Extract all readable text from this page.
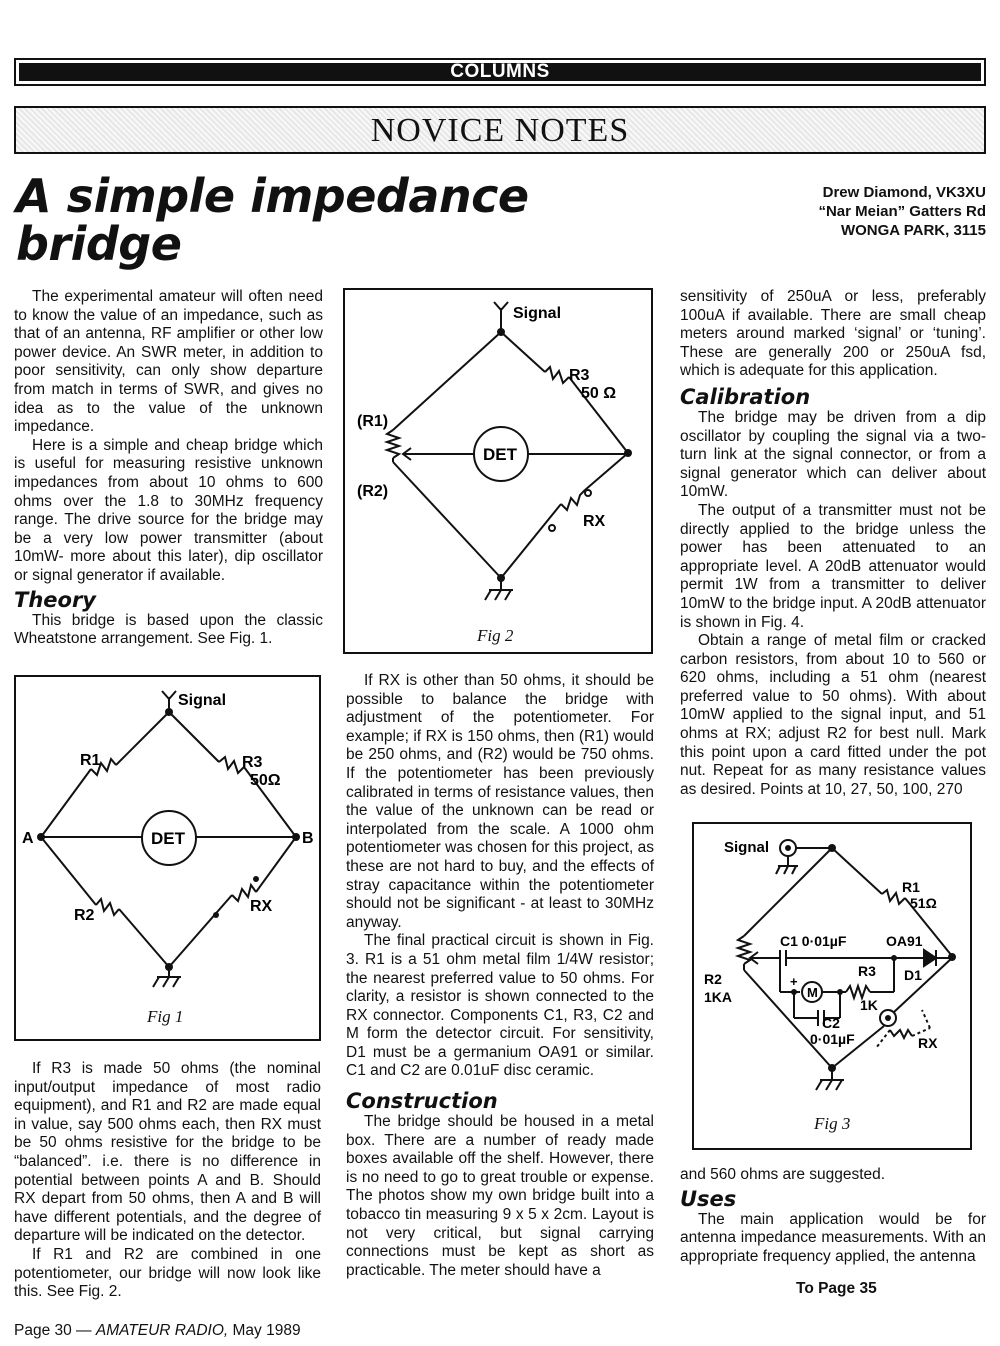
COLUMNS
NOVICE NOTES
A simple impedance
bridge
Drew Diamond, VK3XU
“Nar Meian” Gatters Rd
WONGA PARK, 3115

The experimental amateur will often need to know the value of an impedance, such as that of an antenna, RF amplifier or other low power device. An SWR meter, in addition to poor sensitivity, can only show departure from match in terms of SWR, and gives no idea as to the value of the unknown impedance.

Here is a simple and cheap bridge which is useful for measuring resistive unknown impedances from about 10 ohms to 600 ohms over the 1.8 to 30MHz frequency range. The drive source for the bridge may be a very low power transmitter (about 10mW- more about this later), dip oscillator or signal generator if available.

Theory

This bridge is based upon the classic Wheatstone arrangement. See Fig. 1.

Signal
R1	R3
50Ω
R2
RX
DET
A	B
Fig 1

If R3 is made 50 ohms (the nominal input/output impedance of most radio equipment), and R1 and R2 are made equal in value, say 500 ohms each, then RX must be 50 ohms resistive for the bridge to be “balanced”. i.e. there is no difference in potential between points A and B. Should RX depart from 50 ohms, then A and B will have different potentials, and the degree of departure will be indicated on the detector.

If R1 and R2 are combined in one potentiometer, our bridge will now look like this. See Fig. 2.

Signal
R3
50 Ω
(R1)
(R2)
RX
DET
Fig 2

If RX is other than 50 ohms, it should be possible to balance the bridge with adjustment of the potentiometer. For example; if RX is 150 ohms, then (R1) would be 250 ohms, and (R2) would be 750 ohms. If the potentiometer has been previously calibrated in terms of resistance values, then the value of the unknown can be read or interpolated from the scale. A 1000 ohm potentiometer was chosen for this project, as these are not hard to buy, and the effects of stray capacitance within the potentiometer should not be significant - at least to 30MHz anyway.

The final practical circuit is shown in Fig. 3. R1 is a 51 ohm metal film 1/4W resistor; the nearest preferred value to 50 ohms. For clarity, a resistor is shown connected to the RX connector. Components C1, R3, C2 and M form the detector circuit. For sensitivity, D1 must be a germanium OA91 or similar. C1 and C2 are 0.01uF disc ceramic.

Construction

The bridge should be housed in a metal box. There are a number of ready made boxes available off the shelf. However, there is no need to go to great trouble or expense. The photos show my own bridge built into a tobacco tin measuring 9 x 5 x 2cm. Layout is not very critical, but signal carrying connections must be kept as short as practicable. The meter should have a

sensitivity of 250uA or less, preferably 100uA if available. There are small cheap meters around marked ‘signal’ or ‘tuning’. These are generally 200 or 250uA fsd, which is adequate for this application.

Calibration

The bridge may be driven from a dip oscillator by coupling the signal via a two-turn link at the signal connector, or from a signal generator which can deliver about 10mW.

The output of a transmitter must not be directly applied to the bridge unless the power has been attenuated to an appropriate level. A 20dB attenuator would permit 1W from a transmitter to deliver 10mW to the bridge input. A 20dB attenuator is shown in Fig. 4.

Obtain a range of metal film or cracked carbon resistors, from about 10 to 560 or 620 ohms, including a 51 ohm (nearest preferred value to 50 ohms). With about 10mW applied to the signal input, and 51 ohms at RX; adjust R2 for best null. Mark this point upon a card fitted under the pot nut. Repeat for as many resistance values as desired. Points at 10, 27, 50, 100, 270

Signal
R1
51Ω
C1 0·01µF	OA91
D1
R3
1K
R2
1KA	M
+
C2
0·01µF	RX
Fig 3

and 560 ohms are suggested.

Uses

The main application would be for antenna impedance measurements. With an appropriate frequency applied, the antenna

To Page 35
Page 30 — AMATEUR RADIO, May 1989
